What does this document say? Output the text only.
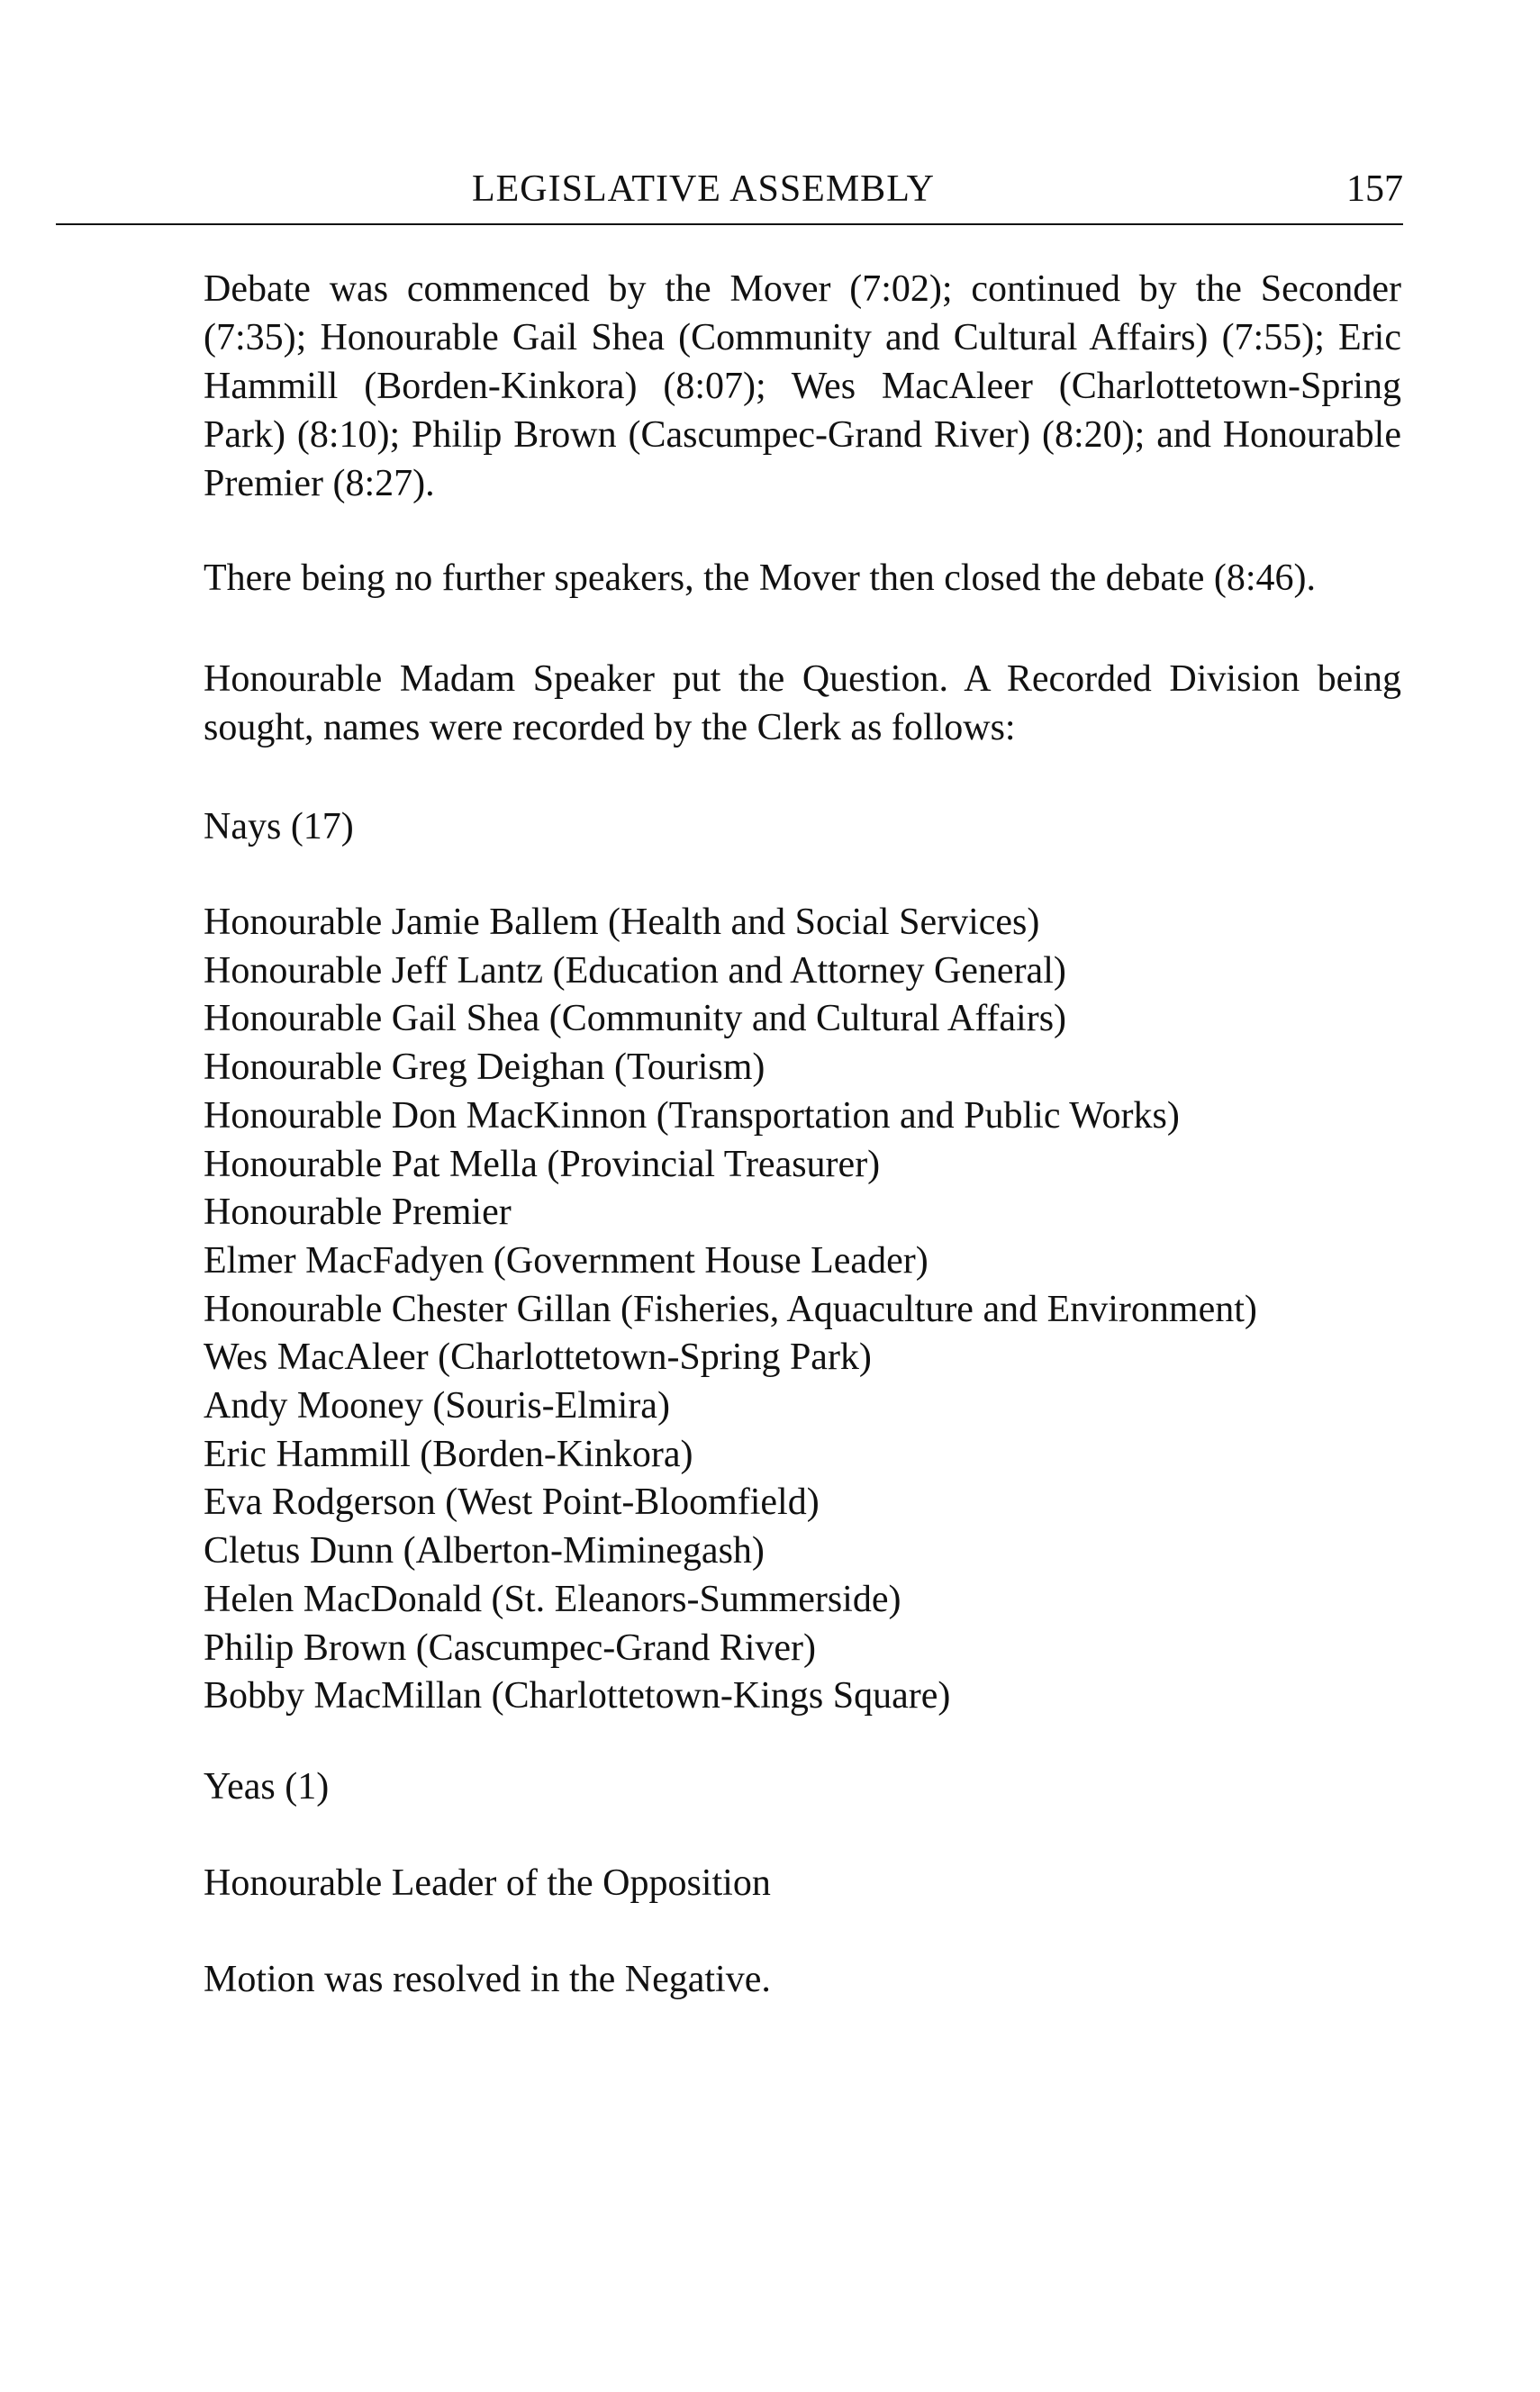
LEGISLATIVE ASSEMBLY	157

Debate was commenced by the Mover (7:02); continued by the Seconder (7:35); Honourable Gail Shea (Community and Cultural Affairs) (7:55); Eric Hammill (Borden-Kinkora) (8:07); Wes MacAleer (Charlottetown-Spring Park) (8:10); Philip Brown (Cascumpec-Grand River) (8:20); and Honourable Premier (8:27).

There being no further speakers, the Mover then closed the debate (8:46).

Honourable Madam Speaker put the Question. A Recorded Division being sought, names were recorded by the Clerk as follows:

Nays (17)
Honourable Jamie Ballem (Health and Social Services)
Honourable Jeff Lantz (Education and Attorney General)
Honourable Gail Shea (Community and Cultural Affairs)
Honourable Greg Deighan (Tourism)
Honourable Don MacKinnon (Transportation and Public Works)
Honourable Pat Mella (Provincial Treasurer)
Honourable Premier
Elmer MacFadyen (Government House Leader)
Honourable Chester Gillan (Fisheries, Aquaculture and Environment)
Wes MacAleer (Charlottetown-Spring Park)
Andy Mooney (Souris-Elmira)
Eric Hammill (Borden-Kinkora)
Eva Rodgerson (West Point-Bloomfield)
Cletus Dunn (Alberton-Miminegash)
Helen MacDonald (St. Eleanors-Summerside)
Philip Brown (Cascumpec-Grand River)
Bobby MacMillan (Charlottetown-Kings Square)
Yeas (1)
Honourable Leader of the Opposition
Motion was resolved in the Negative.
